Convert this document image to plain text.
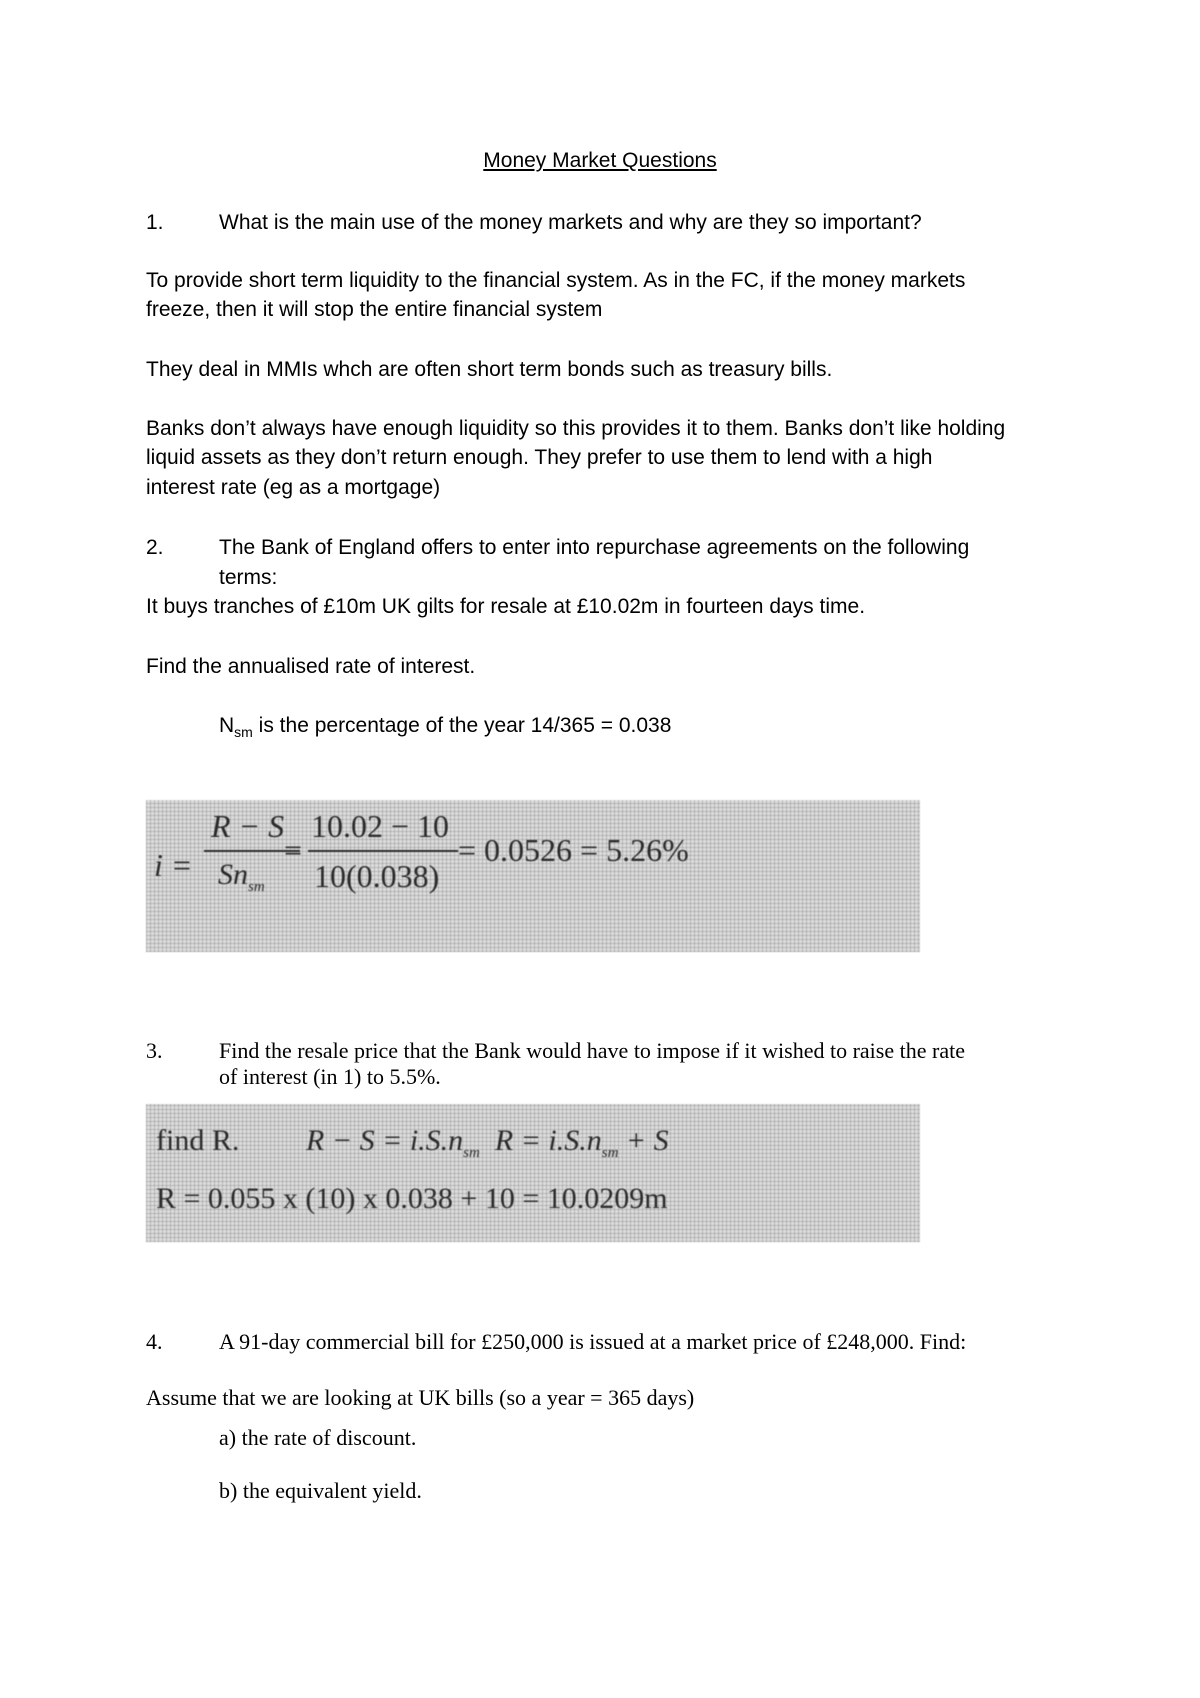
Money Market Questions
1.	What is the main use of the money markets and why are they so important?
To provide short term liquidity to the financial system. As in the FC, if the money markets
freeze, then it will stop the entire financial system
They deal in MMIs whch are often short term bonds such as treasury bills.
Banks don’t always have enough liquidity so this provides it to them. Banks don’t like holding
liquid assets as they don’t return enough. They prefer to use them to lend with a high
interest rate (eg as a mortgage)
2.	The Bank of England offers to enter into repurchase agreements on the following
terms:
It buys tranches of £10m UK gilts for resale at £10.02m in fourteen days time.
Find the annualised rate of interest.
$N_{sm}$ is the percentage of the year 14/365 = 0.038
i =
R − S
$Sn_{sm}$
=
10.02 − 10
10(0.038)
= 0.0526 = 5.26%
3.	Find the resale price that the Bank would have to impose if it wished to raise the rate
of interest (in 1) to 5.5%.
find R. $R - S = i.S.n_{sm}$ $R = i.S.n_{sm} + S$
R = 0.055 x (10) x 0.038 + 10 = 10.0209m
4.	A 91-day commercial bill for £250,000 is issued at a market price of £248,000. Find:
Assume that we are looking at UK bills (so a year = 365 days)
a) the rate of discount.
b) the equivalent yield.
